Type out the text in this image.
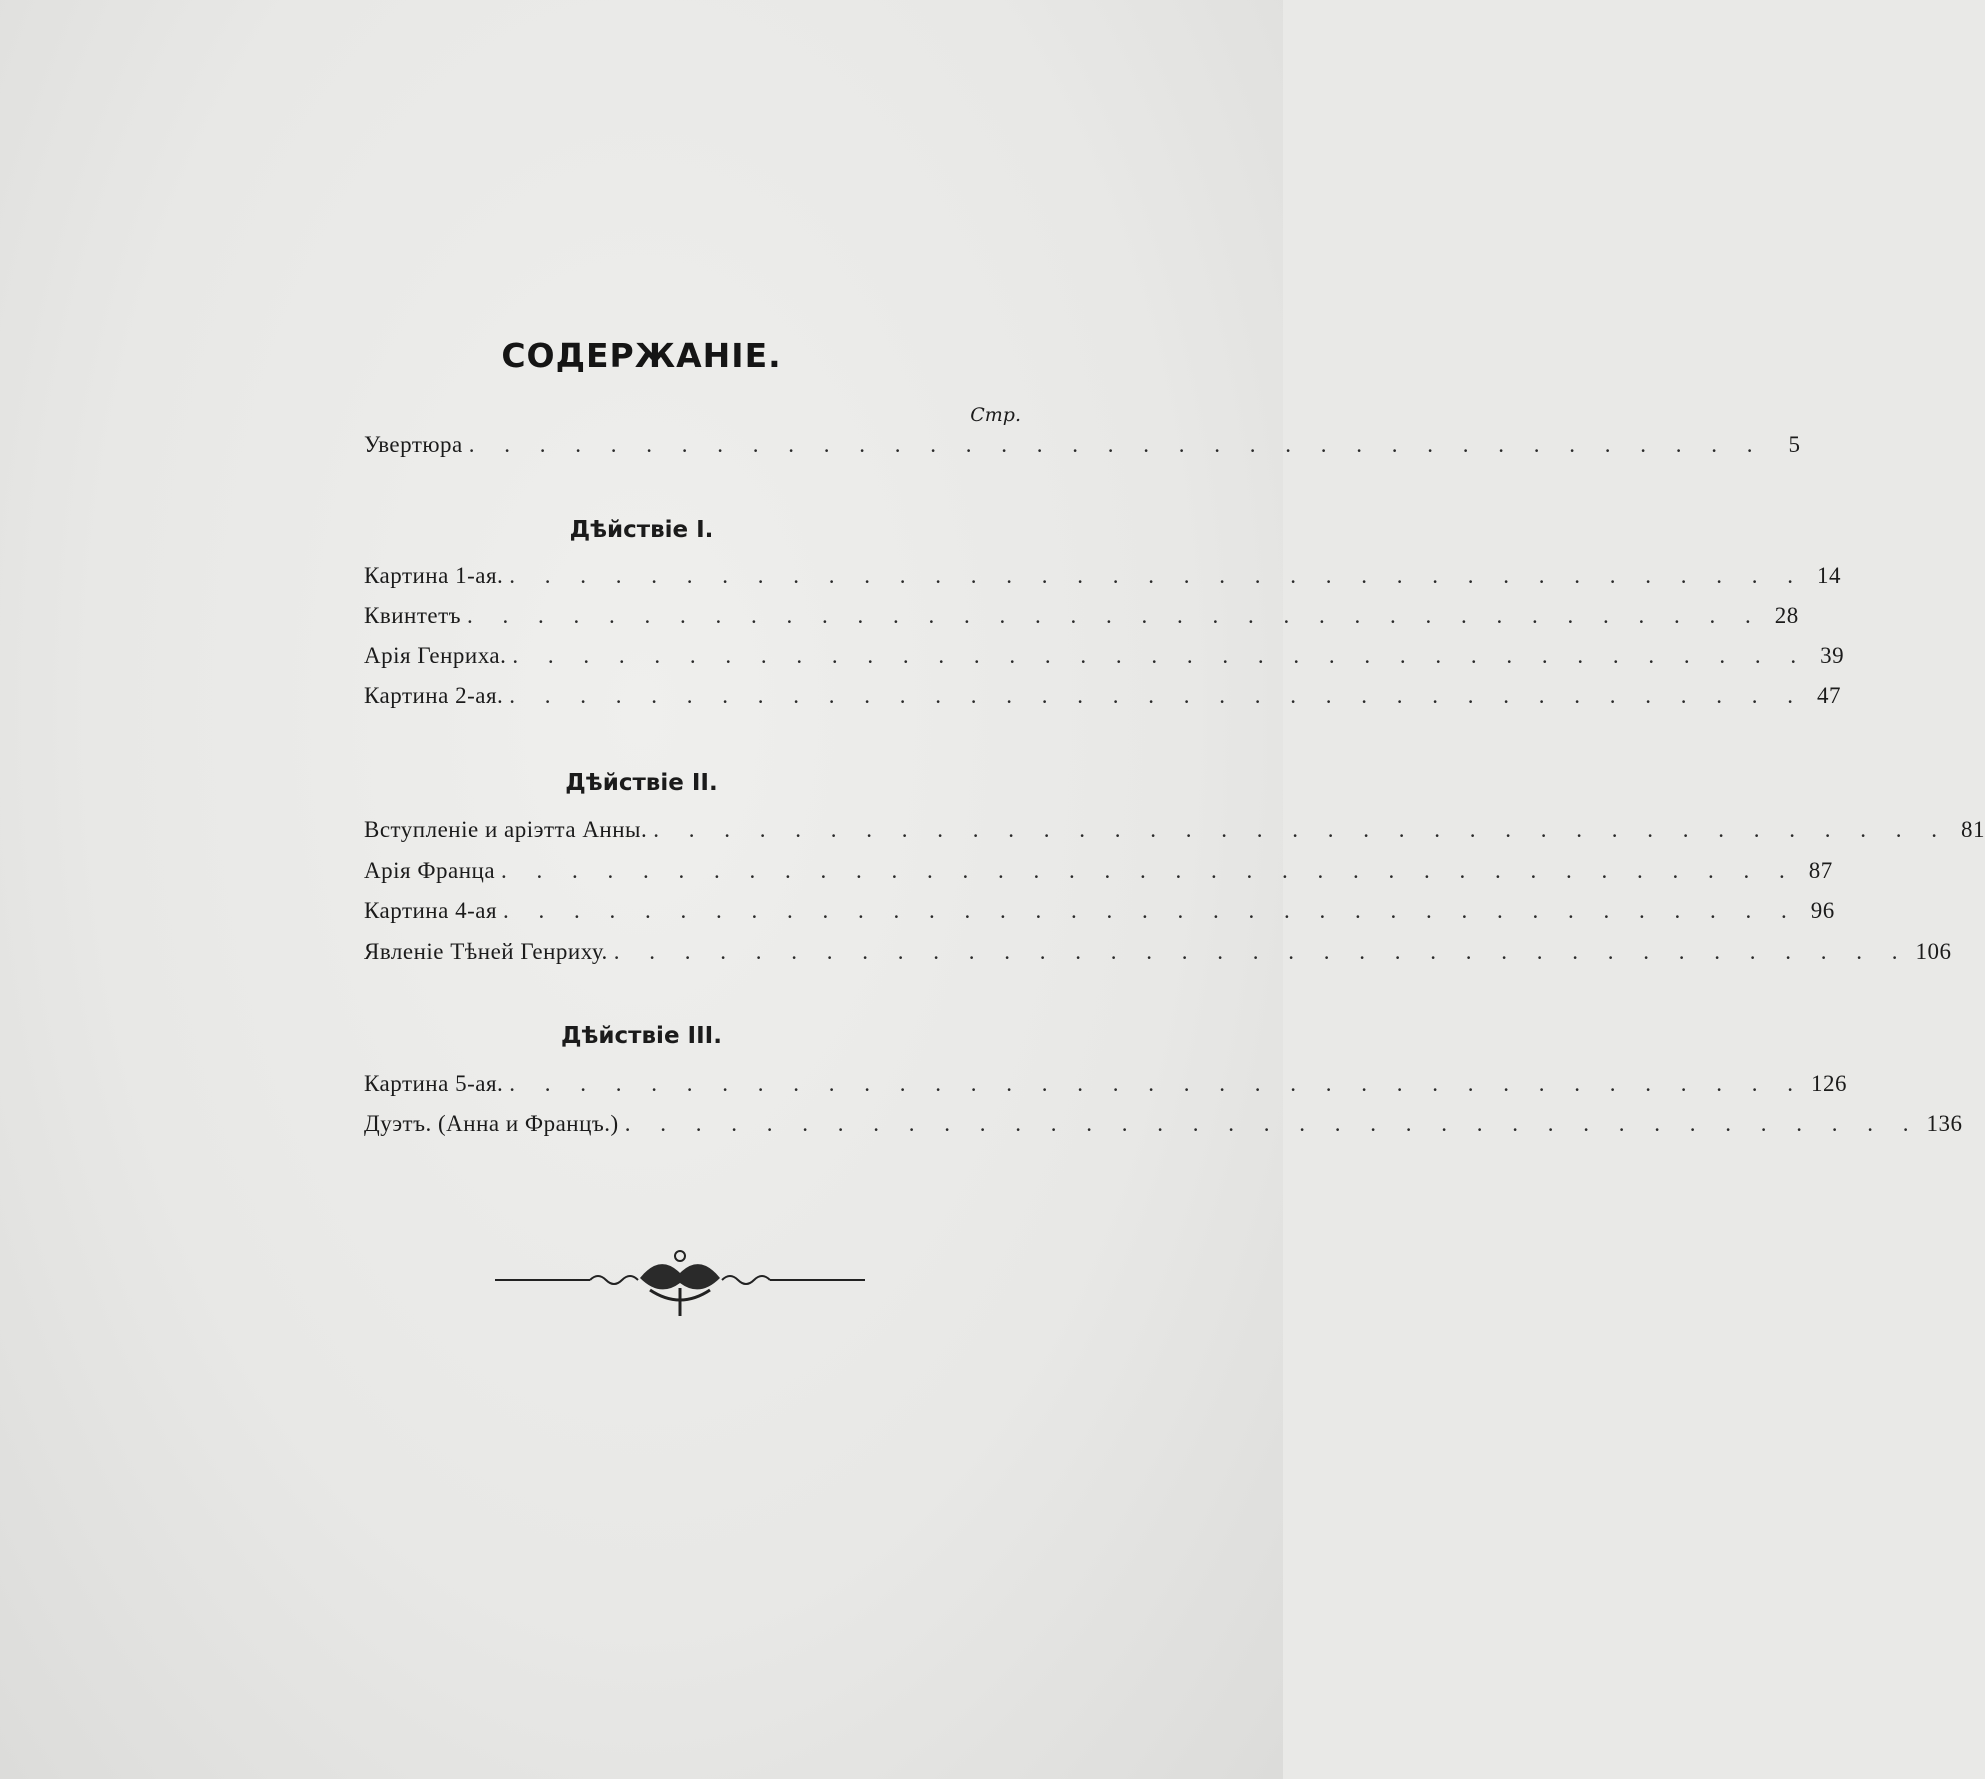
СОДЕРЖАНІЕ.
Стр.
Увертюра . . . . . . . . . . . . . . . . . . . . . . . . . . . . . . . . . . . . .	5
Дѣйствіе I.
Картина 1-ая. . . . . . . . . . . . . . . . . . . . . . . . . . . . . . . . . . . . . . 14
Квинтетъ . . . . . . . . . . . . . . . . . . . . . . . . . . . . . . . . . . . . . 28
Арія Генриха. . . . . . . . . . . . . . . . . . . . . . . . . . . . . . . . . . . . . . 39
Картина 2-ая. . . . . . . . . . . . . . . . . . . . . . . . . . . . . . . . . . . . . . 47
Дѣйствіе II.
Вступленіе и аріэтта Анны. . . . . . . . . . . . . . . . . . . . . . . . . . . . . . . . . . . . . . 81
Арія Франца . . . . . . . . . . . . . . . . . . . . . . . . . . . . . . . . . . . . . 87
Картина 4-ая . . . . . . . . . . . . . . . . . . . . . . . . . . . . . . . . . . . . . 96
Явленіе Тѣней Генриху. . . . . . . . . . . . . . . . . . . . . . . . . . . . . . . . . . . . . . 106
Дѣйствіе III.
Картина 5-ая. . . . . . . . . . . . . . . . . . . . . . . . . . . . . . . . . . . . . . 126
Дуэтъ. (Анна и Францъ.) . . . . . . . . . . . . . . . . . . . . . . . . . . . . . . . . . . . . . 136
